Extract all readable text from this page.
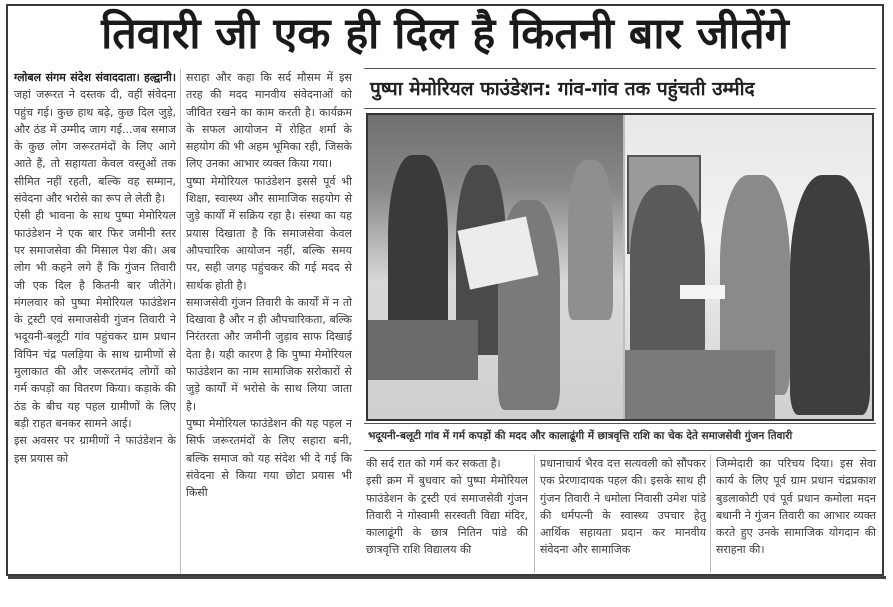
तिवारी जी एक ही दिल है कितनी बार जीतेंगे

ग्लोबल संगम संदेश संवाददाता। हल्द्वानी। जहां जरूरत ने दस्तक दी, वहीं संवेदना पहुंच गई। कुछ हाथ बढ़े, कुछ दिल जुड़े, और ठंड में उम्मीद जाग गई...जब समाज के कुछ लोग जरूरतमंदों के लिए आगे आते हैं, तो सहायता केवल वस्तुओं तक सीमित नहीं रहती, बल्कि वह सम्मान, संवेदना और भरोसे का रूप ले लेती है।

ऐसी ही भावना के साथ पुष्पा मेमोरियल फाउंडेशन ने एक बार फिर जमीनी स्तर पर समाजसेवा की मिसाल पेश की। अब लोग भी कहने लगे हैं कि गुंजन तिवारी जी एक दिल है कितनी बार जीतेंगे। मंगलवार को पुष्पा मेमोरियल फाउंडेशन के ट्रस्टी एवं समाजसेवी गुंजन तिवारी ने भदूयनी-बलूटी गांव पहुंचकर ग्राम प्रधान विपिन चंद्र पलड़िया के साथ ग्रामीणों से मुलाकात की और जरूरतमंद लोगों को गर्म कपड़ों का वितरण किया। कड़ाके की ठंड के बीच यह पहल ग्रामीणों के लिए बड़ी राहत बनकर सामने आई।

इस अवसर पर ग्रामीणों ने फाउंडेशन के इस प्रयास को

सराहा और कहा कि सर्द मौसम में इस तरह की मदद मानवीय संवेदनाओं को जीवित रखने का काम करती है। कार्यक्रम के सफल आयोजन में रोहित शर्मा के सहयोग की भी अहम भूमिका रही, जिसके लिए उनका आभार व्यक्त किया गया।

पुष्पा मेमोरियल फाउंडेशन इससे पूर्व भी शिक्षा, स्वास्थ्य और सामाजिक सहयोग से जुड़े कार्यों में सक्रिय रहा है। संस्था का यह प्रयास दिखाता है कि समाजसेवा केवल औपचारिक आयोजन नहीं, बल्कि समय पर, सही जगह पहुंचकर की गई मदद से सार्थक होती है।

समाजसेवी गुंजन तिवारी के कार्यों में न तो दिखावा है और न ही औपचारिकता, बल्कि निरंतरता और जमीनी जुड़ाव साफ दिखाई देता है। यही कारण है कि पुष्पा मेमोरियल फाउंडेशन का नाम सामाजिक सरोकारों से जुड़े कार्यों में भरोसे के साथ लिया जाता है।

पुष्पा मेमोरियल फाउंडेशन की यह पहल न सिर्फ जरूरतमंदों के लिए सहारा बनी, बल्कि समाज को यह संदेश भी दे गई कि संवेदना से किया गया छोटा प्रयास भी किसी

पुष्पा मेमोरियल फाउंडेशन: गांव-गांव तक पहुंचती उम्मीद
भदूयनी-बलूटी गांव में गर्म कपड़ों की मदद और कालाढूंगी में छात्रवृत्ति राशि का चेक देते समाजसेवी गुंजन तिवारी

की सर्द रात को गर्म कर सकता है।

इसी क्रम में बुधवार को पुष्पा मेमोरियल फाउंडेशन के ट्रस्टी एवं समाजसेवी गुंजन तिवारी ने गोस्वामी सरस्वती विद्या मंदिर, कालाढूंगी के छात्र नितिन पांडे की छात्रवृत्ति राशि विद्यालय की

प्रधानाचार्य भैरव दत्त सत्यवली को सौंपकर एक प्रेरणादायक पहल की। इसके साथ ही गुंजन तिवारी ने धमोला निवासी उमेश पांडे की धर्मपत्नी के स्वास्थ्य उपचार हेतु आर्थिक सहायता प्रदान कर मानवीय संवेदना और सामाजिक

जिम्मेदारी का परिचय दिया। इस सेवा कार्य के लिए पूर्व ग्राम प्रधान चंद्रप्रकाश बुडलाकोटी एवं पूर्व प्रधान कमोला मदन बधानी ने गुंजन तिवारी का आभार व्यक्त करते हुए उनके सामाजिक योगदान की सराहना की।
